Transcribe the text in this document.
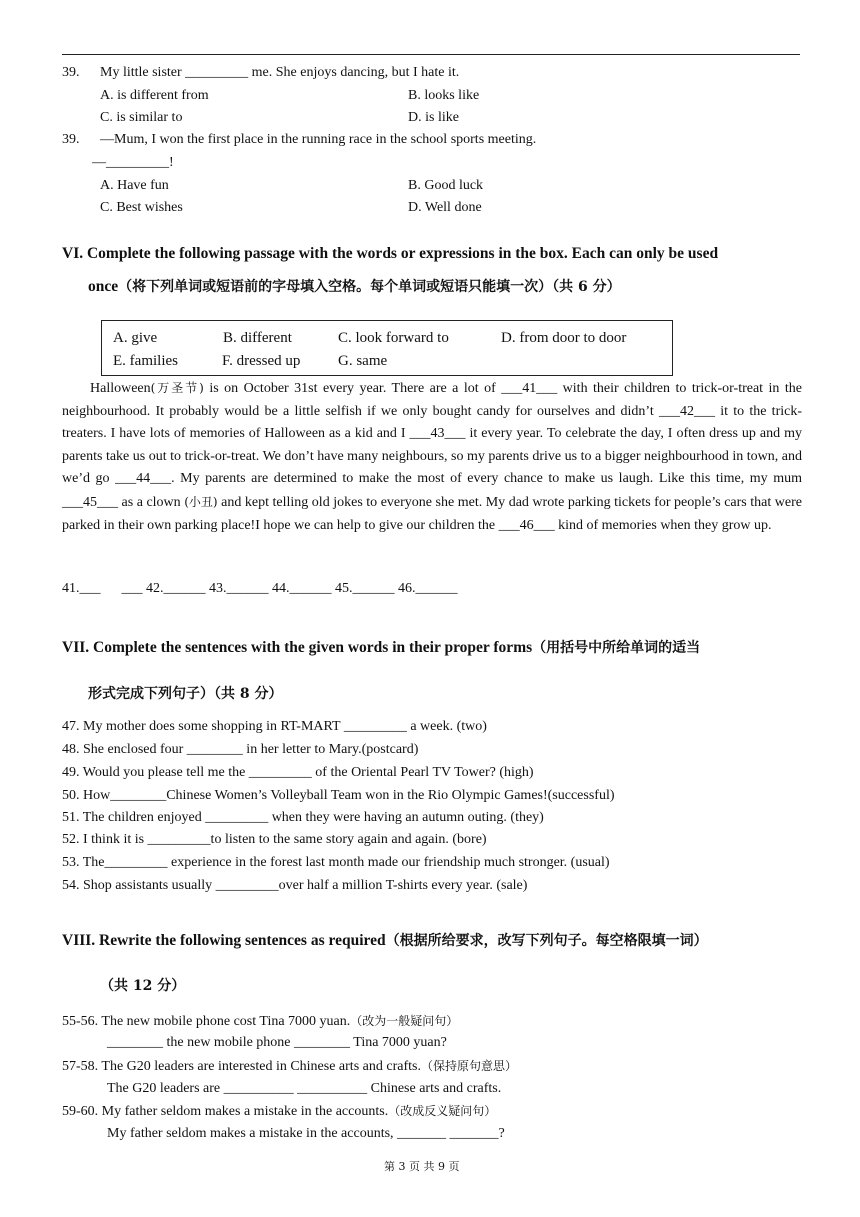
39. My little sister _________ me. She enjoys dancing, but I hate it.
A. is different from	B. looks like
C. is similar to	D. is like
39. —Mum, I won the first place in the running race in the school sports meeting.
—_________!
A. Have fun	B. Good luck
C. Best wishes	D. Well done
VI. Complete the following passage with the words or expressions in the box. Each can only be used
once（将下列单词或短语前的字母填入空格。每个单词或短语只能填一次）（共 6 分）
A. give	B. different	C. look forward to	D. from door to door
E. families	F. dressed up	G. same

Halloween(万圣节) is on October 31st every year. There are a lot of ___41___ with their children to trick-or-treat in the neighbourhood. It probably would be a little selfish if we only bought candy for ourselves and didn’t ___42___ it to the trick-treaters. I have lots of memories of Halloween as a kid and I ___43___ it every year. To celebrate the day, I often dress up and my parents take us out to trick-or-treat. We don’t have many neighbours, so my parents drive us to a bigger neighbourhood in town, and we’d go ___44___. My parents are determined to make the most of every chance to make us laugh. Like this time, my mum ___45___ as a clown (小丑) and kept telling old jokes to everyone she met. My dad wrote parking tickets for people’s cars that were parked in their own parking place!I hope we can help to give our children the ___46___ kind of memories when they grow up.

41.___      ___ 42.______ 43.______ 44.______ 45.______ 46.______
VII. Complete the sentences with the given words in their proper forms（用括号中所给单词的适当
形式完成下列句子）（共 8 分）
47. My mother does some shopping in RT-MART _________ a week. (two)
48. She enclosed four ________ in her letter to Mary.(postcard)
49. Would you please tell me the _________ of the Oriental Pearl TV Tower? (high)
50. How________Chinese Women’s Volleyball Team won in the Rio Olympic Games!(successful)
51. The children enjoyed _________ when they were having an autumn outing. (they)
52. I think it is _________to listen to the same story again and again. (bore)
53. The_________ experience in the forest last month made our friendship much stronger. (usual)
54. Shop assistants usually _________over half a million T-shirts every year. (sale)
VIII. Rewrite the following sentences as required（根据所给要求，改写下列句子。每空格限填一词）
（共 12 分）
55-56. The new mobile phone cost Tina 7000 yuan.（改为一般疑问句）
________ the new mobile phone ________ Tina 7000 yuan?
57-58. The G20 leaders are interested in Chinese arts and crafts.（保持原句意思）
The G20 leaders are __________ __________ Chinese arts and crafts.
59-60. My father seldom makes a mistake in the accounts.（改成反义疑问句）
My father seldom makes a mistake in the accounts, _______ _______?
第 3 页 共 9 页
